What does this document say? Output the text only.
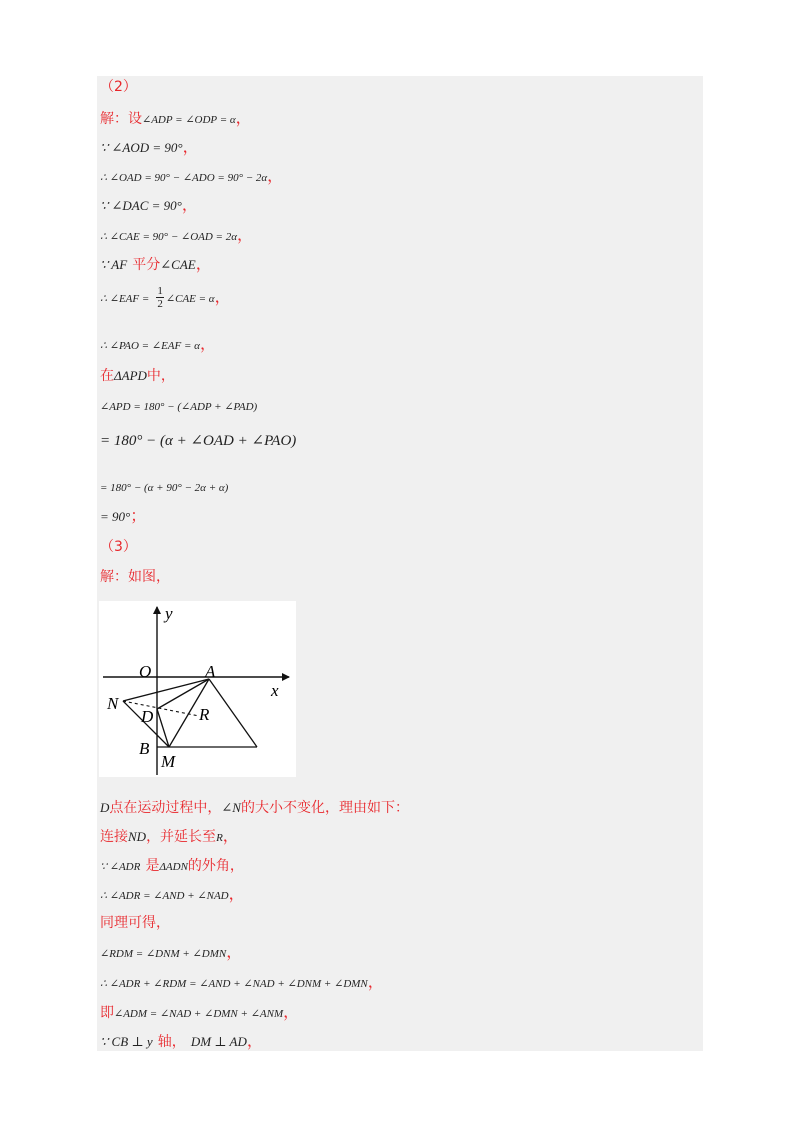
（2）
解：设∠ADP = ∠ODP = α，
∵ ∠AOD = 90°，
∴ ∠OAD = 90° − ∠ADO = 90° − 2α，
∵ ∠DAC = 90°，
∴ ∠CAE = 90° − ∠OAD = 2α，
∵ AF 平分∠CAE，
∴ ∠EAF = $\frac{1}{2}$ ∠CAE = α，
∴ ∠PAO = ∠EAF = α，
在ΔAPD中，
∠APD = 180° − (∠ADP + ∠PAD)
= 180° − (α + ∠OAD + ∠PAO)
= 180° − (α + 90° − 2α + α)
= 90°；
（3）
解：如图，
y
x
O	A
N
D	R
B
M
D点在运动过程中，∠N的大小不变化，理由如下：
连接ND，并延长至R，
∵ ∠ADR 是ΔADN的外角，
∴ ∠ADR = ∠AND + ∠NAD，
同理可得，
∠RDM = ∠DNM + ∠DMN，
∴ ∠ADR + ∠RDM = ∠AND + ∠NAD + ∠DNM + ∠DMN，
即∠ADM = ∠NAD + ∠DMN + ∠ANM，
∵ CB ⊥ y 轴， DM ⊥ AD，
